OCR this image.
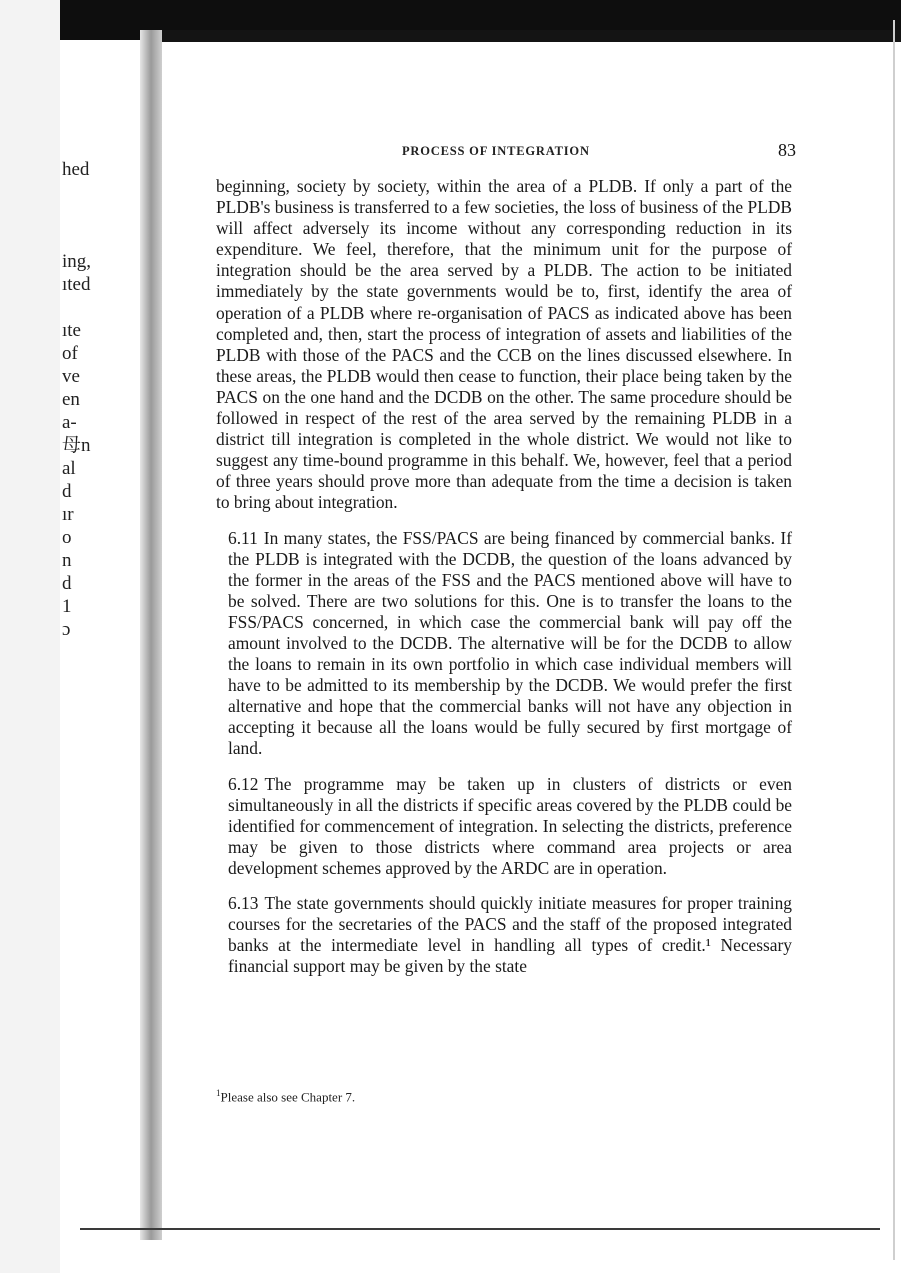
hed

ing,
ıted

ıte
of
ve
en
a-
⺟n
al
d
ır
o
n
d
1
ɔ
PROCESS OF INTEGRATION	83

beginning, society by society, within the area of a PLDB. If only a part of the PLDB's business is transferred to a few societies, the loss of business of the PLDB will affect adversely its income without any corresponding reduction in its expenditure. We feel, therefore, that the minimum unit for the purpose of integration should be the area served by a PLDB. The action to be initiated immediately by the state governments would be to, first, identify the area of operation of a PLDB where re-organisation of PACS as indicated above has been completed and, then, start the process of integration of assets and liabilities of the PLDB with those of the PACS and the CCB on the lines discussed elsewhere. In these areas, the PLDB would then cease to function, their place being taken by the PACS on the one hand and the DCDB on the other. The same procedure should be followed in respect of the rest of the area served by the remaining PLDB in a district till integration is completed in the whole district. We would not like to suggest any time-bound programme in this behalf. We, however, feel that a period of three years should prove more than adequate from the time a decision is taken to bring about integration.

6.11 In many states, the FSS/PACS are being financed by commercial banks. If the PLDB is integrated with the DCDB, the question of the loans advanced by the former in the areas of the FSS and the PACS mentioned above will have to be solved. There are two solutions for this. One is to transfer the loans to the FSS/PACS concerned, in which case the commercial bank will pay off the amount involved to the DCDB. The alternative will be for the DCDB to allow the loans to remain in its own portfolio in which case individual members will have to be admitted to its membership by the DCDB. We would prefer the first alternative and hope that the commercial banks will not have any objection in accepting it because all the loans would be fully secured by first mortgage of land.

6.12 The programme may be taken up in clusters of districts or even simultaneously in all the districts if specific areas covered by the PLDB could be identified for commencement of integration. In selecting the districts, preference may be given to those districts where command area projects or area development schemes approved by the ARDC are in operation.

6.13 The state governments should quickly initiate measures for proper training courses for the secretaries of the PACS and the staff of the proposed integrated banks at the intermediate level in handling all types of credit.¹ Necessary financial support may be given by the state

$^1$Please also see Chapter 7.
